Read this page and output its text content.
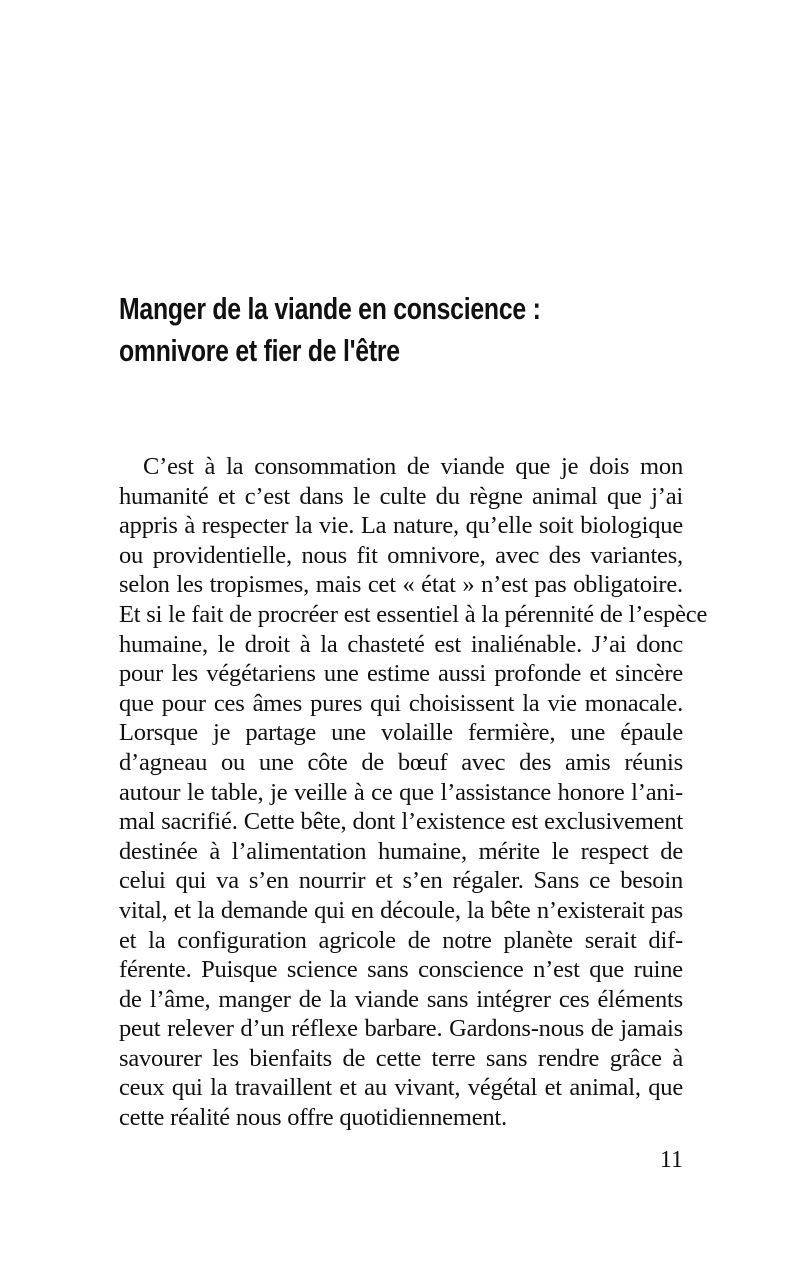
Manger de la viande en conscience :
omnivore et fier de l'être
C’est à la consommation de viande que je dois mon
humanité et c’est dans le culte du règne animal que j’ai
appris à respecter la vie. La nature, qu’elle soit biologique
ou providentielle, nous fit omnivore, avec des variantes,
selon les tropismes, mais cet « état » n’est pas obligatoire.
Et si le fait de procréer est essentiel à la pérennité de l’espèce
humaine, le droit à la chasteté est inaliénable. J’ai donc
pour les végétariens une estime aussi profonde et sincère
que pour ces âmes pures qui choisissent la vie monacale.
Lorsque je partage une volaille fermière, une épaule
d’agneau ou une côte de bœuf avec des amis réunis
autour le table, je veille à ce que l’assistance honore l’ani-
mal sacrifié. Cette bête, dont l’existence est exclusivement
destinée à l’alimentation humaine, mérite le respect de
celui qui va s’en nourrir et s’en régaler. Sans ce besoin
vital, et la demande qui en découle, la bête n’existerait pas
et la configuration agricole de notre planète serait dif-
férente. Puisque science sans conscience n’est que ruine
de l’âme, manger de la viande sans intégrer ces éléments
peut relever d’un réflexe barbare. Gardons-nous de jamais
savourer les bienfaits de cette terre sans rendre grâce à
ceux qui la travaillent et au vivant, végétal et animal, que
cette réalité nous offre quotidiennement.
11
